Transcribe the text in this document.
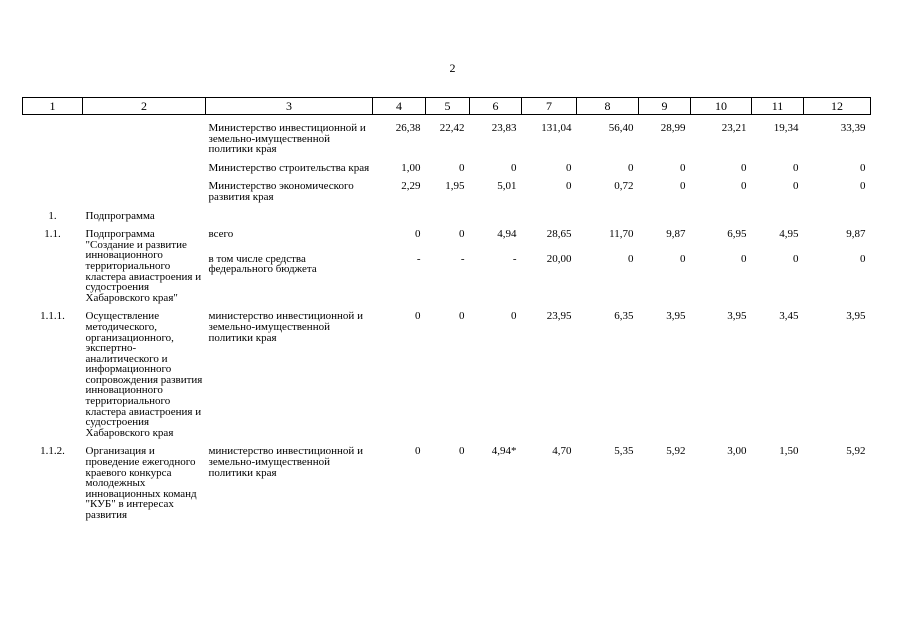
2
1	2	3	4	5	6	7	8	9	10	11	12

		Министерство инвестиционной и земельно-имущественной политики края	26,38	22,42	23,83	131,04	56,40	28,99	23,21	19,34	33,39

		Министерство строительства края	1,00	0	0	0	0	0	0	0	0

		Министерство экономического развития края	2,29	1,95	5,01	0	0,72	0	0	0	0

1.	Подпрограмма										

1.1.	Подпрограмма "Создание и развитие инновационного территориального кластера авиастроения и судостроения Хабаровского края"	всего	0	0	4,94	28,65	11,70	9,87	6,95	4,95	9,87
		в том числе средства федерального бюджета	-	-	-	20,00	0	0	0	0	0

1.1.1.	Осуществление методического, организационного, экспертно-аналитического и информационного сопровождения развития инновационного территориального кластера авиастроения и судостроения Хабаровского края	министерство инвестиционной и земельно-имущественной политики края	0	0	0	23,95	6,35	3,95	3,95	3,45	3,95

1.1.2.	Организация и проведение ежегодного краевого конкурса молодежных инновационных команд "КУБ" в интересах развития	министерство инвестиционной и земельно-имущественной политики края	0	0	4,94*	4,70	5,35	5,92	3,00	1,50	5,92
